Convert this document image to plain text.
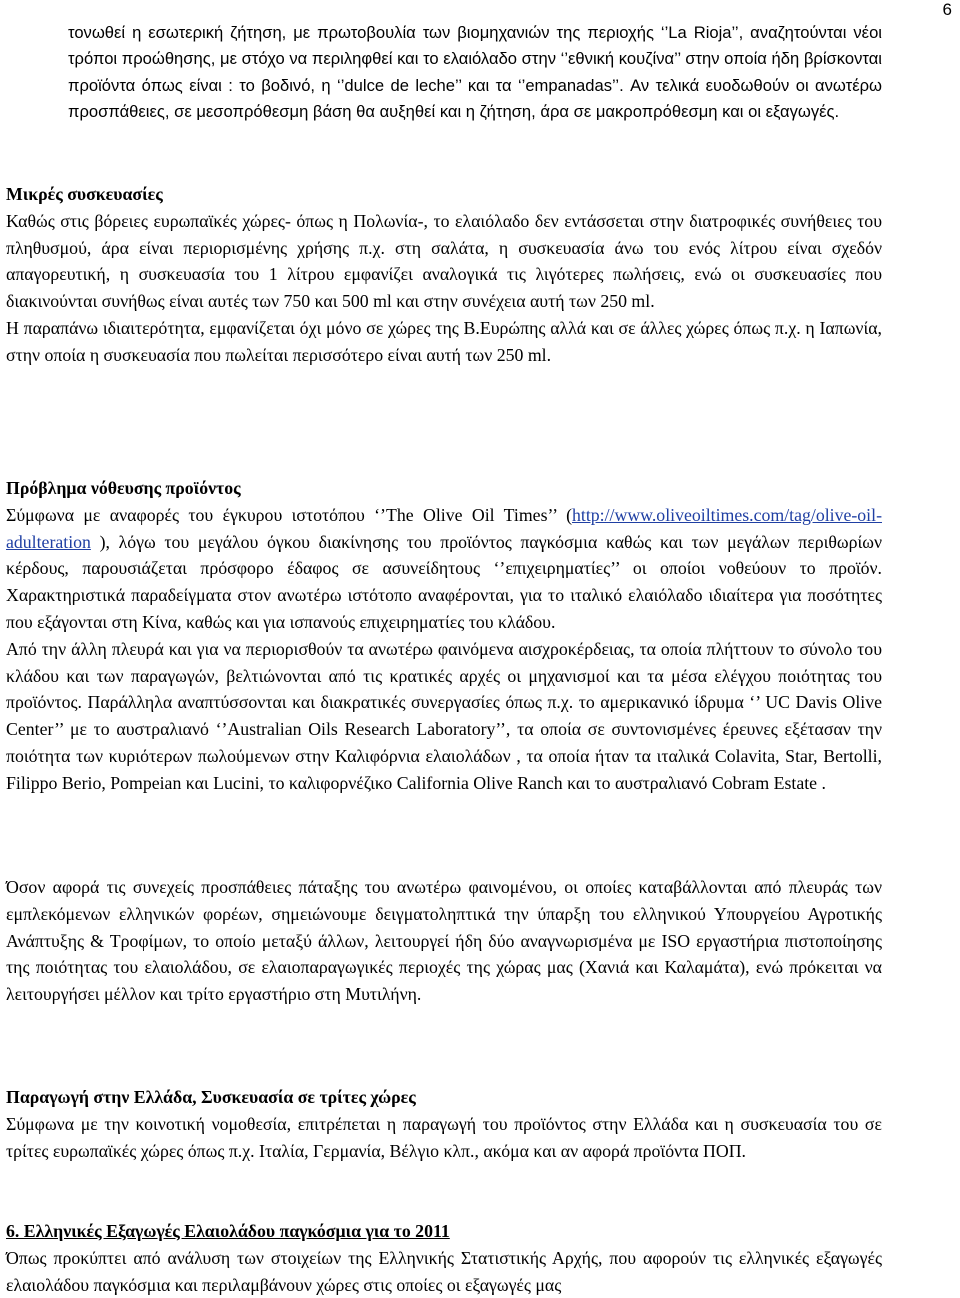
6
τονωθεί η εσωτερική ζήτηση, με πρωτοβουλία των βιομηχανιών της περιοχής ‘’La Rioja’’, αναζητούνται νέοι τρόποι προώθησης, με στόχο να περιληφθεί και το ελαιόλαδο στην ‘’εθνική κουζίνα’’ στην οποία ήδη βρίσκονται προϊόντα όπως είναι : το βοδινό, η ‘’dulce de leche’’ και τα ‘’empanadas’’. Αν τελικά ευοδωθούν οι ανωτέρω προσπάθειες, σε μεσοπρόθεσμη βάση θα αυξηθεί και η ζήτηση, άρα σε μακροπρόθεσμη και οι εξαγωγές.

Μικρές συσκευασίες

Καθώς στις βόρειες ευρωπαϊκές χώρες- όπως η Πολωνία-, το ελαιόλαδο δεν εντάσσεται στην διατροφικές συνήθειες του πληθυσμού, άρα είναι περιορισμένης χρήσης π.χ. στη σαλάτα, η συσκευασία άνω του ενός λίτρου είναι σχεδόν απαγορευτική, η συσκευασία του 1 λίτρου εμφανίζει αναλογικά τις λιγότερες πωλήσεις, ενώ οι συσκευασίες που διακινούνται συνήθως είναι αυτές των 750 και 500 ml και στην συνέχεια αυτή των 250 ml.

Η παραπάνω ιδιαιτερότητα, εμφανίζεται όχι μόνο σε χώρες της Β.Ευρώπης αλλά και σε άλλες χώρες όπως π.χ. η Ιαπωνία, στην οποία η συσκευασία που πωλείται περισσότερο είναι αυτή των 250 ml.

Πρόβλημα νόθευσης προϊόντος

Σύμφωνα με αναφορές του έγκυρου ιστοτόπου ‘’The Olive Oil Times’’ (http://www.oliveoiltimes.com/tag/olive-oil-adulteration ), λόγω του μεγάλου όγκου διακίνησης του προϊόντος παγκόσμια καθώς και των μεγάλων περιθωρίων κέρδους, παρουσιάζεται πρόσφορο έδαφος σε ασυνείδητους ‘’επιχειρηματίες’’ οι οποίοι νοθεύουν το προϊόν. Χαρακτηριστικά παραδείγματα στον ανωτέρω ιστότοπο αναφέρονται, για το ιταλικό ελαιόλαδο ιδιαίτερα για ποσότητες που εξάγονται στη Κίνα, καθώς και για ισπανούς επιχειρηματίες του κλάδου.

Από την άλλη πλευρά και για να περιορισθούν τα ανωτέρω φαινόμενα αισχροκέρδειας, τα οποία πλήττουν το σύνολο του κλάδου και των παραγωγών, βελτιώνονται από τις κρατικές αρχές οι μηχανισμοί και τα μέσα ελέγχου ποιότητας του προϊόντος. Παράλληλα αναπτύσσονται και διακρατικές συνεργασίες όπως π.χ. το αμερικανικό ίδρυμα ‘’ UC Davis Olive Center’’ με το αυστραλιανό ‘’Australian Oils Research Laboratory’’, τα οποία σε συντονισμένες έρευνες εξέτασαν την ποιότητα των κυριότερων πωλούμενων στην Καλιφόρνια ελαιολάδων , τα οποία ήταν τα ιταλικά Colavita, Star, Bertolli, Filippo Berio, Pompeian και Lucini, το καλιφορνέζικο California Olive Ranch και το αυστραλιανό Cobram Estate .

Όσον αφορά τις συνεχείς προσπάθειες πάταξης του ανωτέρω φαινομένου, οι οποίες καταβάλλονται από πλευράς των εμπλεκόμενων ελληνικών φορέων, σημειώνουμε δειγματοληπτικά την ύπαρξη του ελληνικού Υπουργείου Αγροτικής Ανάπτυξης & Τροφίμων, το οποίο μεταξύ άλλων, λειτουργεί ήδη δύο αναγνωρισμένα με ISO εργαστήρια πιστοποίησης της ποιότητας του ελαιολάδου, σε ελαιοπαραγωγικές περιοχές της χώρας μας (Χανιά και Καλαμάτα), ενώ πρόκειται να λειτουργήσει μέλλον και τρίτο εργαστήριο στη Μυτιλήνη.

Παραγωγή στην Ελλάδα, Συσκευασία σε τρίτες χώρες

Σύμφωνα με την κοινοτική νομοθεσία, επιτρέπεται η παραγωγή του προϊόντος στην Ελλάδα και η συσκευασία του σε τρίτες ευρωπαϊκές χώρες όπως π.χ. Ιταλία, Γερμανία, Βέλγιο κλπ., ακόμα και αν αφορά προϊόντα ΠΟΠ.

6. Ελληνικές Εξαγωγές Ελαιολάδου παγκόσμια για το 2011

Όπως προκύπτει από ανάλυση των στοιχείων της Ελληνικής Στατιστικής Αρχής, που αφορούν τις ελληνικές εξαγωγές ελαιολάδου παγκόσμια και περιλαμβάνουν χώρες στις οποίες οι εξαγωγές μας
